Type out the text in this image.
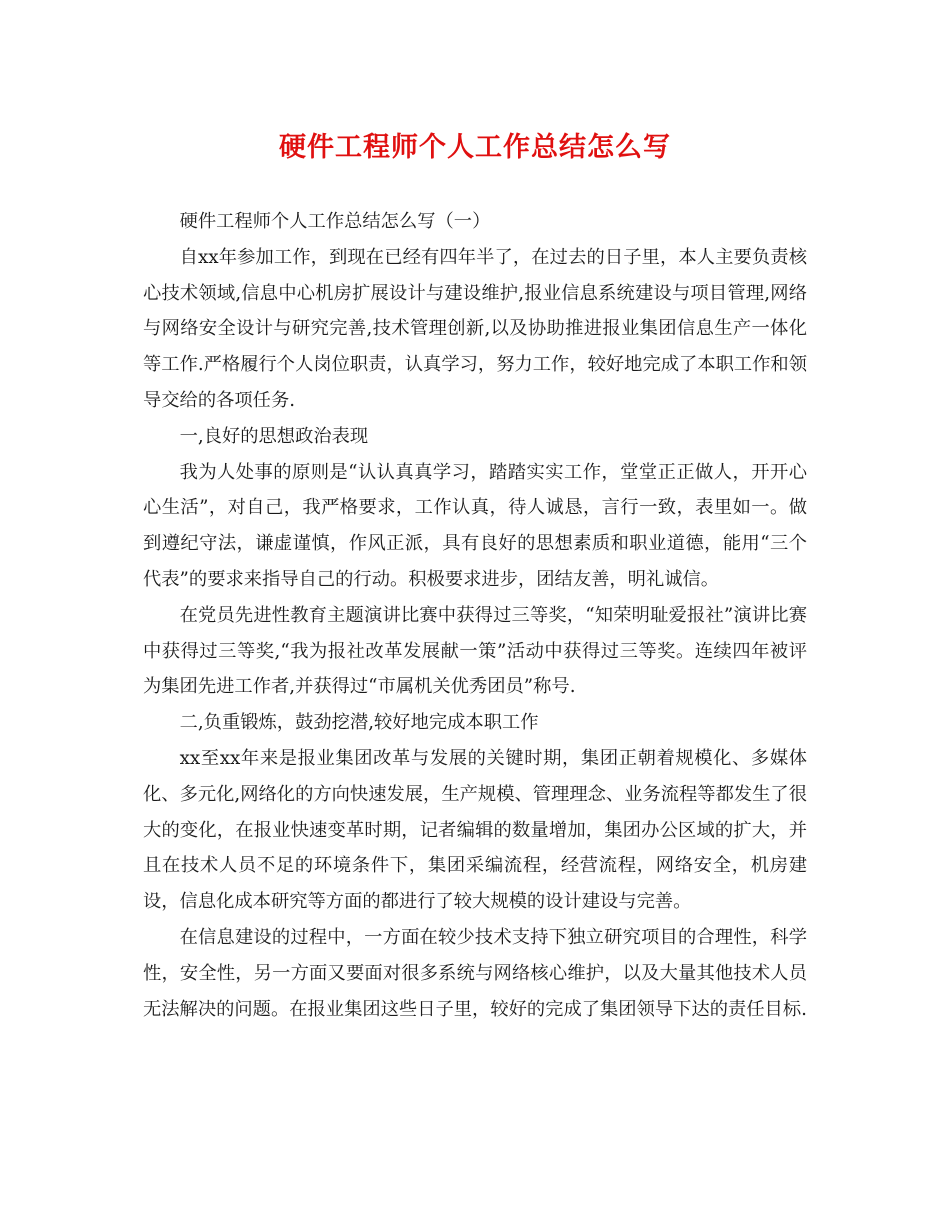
硬件工程师个人工作总结怎么写

硬件工程师个人工作总结怎么写（一）

自xx年参加工作，到现在已经有四年半了，在过去的日子里，本人主要负责核心技术领域,信息中心机房扩展设计与建设维护,报业信息系统建设与项目管理,网络与网络安全设计与研究完善,技术管理创新,以及协助推进报业集团信息生产一体化等工作.严格履行个人岗位职责，认真学习，努力工作，较好地完成了本职工作和领导交给的各项任务.

一,良好的思想政治表现

我为人处事的原则是“认认真真学习，踏踏实实工作，堂堂正正做人，开开心心生活”，对自己，我严格要求，工作认真，待人诚恳，言行一致，表里如一。做到遵纪守法，谦虚谨慎，作风正派，具有良好的思想素质和职业道德，能用“三个代表”的要求来指导自己的行动。积极要求进步，团结友善，明礼诚信。

在党员先进性教育主题演讲比赛中获得过三等奖，“知荣明耻爱报社”演讲比赛中获得过三等奖,“我为报社改革发展献一策”活动中获得过三等奖。连续四年被评为集团先进工作者,并获得过“市属机关优秀团员”称号.

二,负重锻炼，鼓劲挖潜,较好地完成本职工作

xx至xx年来是报业集团改革与发展的关键时期，集团正朝着规模化、多媒体化、多元化,网络化的方向快速发展，生产规模、管理理念、业务流程等都发生了很大的变化，在报业快速变革时期，记者编辑的数量增加，集团办公区域的扩大，并且在技术人员不足的环境条件下，集团采编流程，经营流程，网络安全，机房建设，信息化成本研究等方面的都进行了较大规模的设计建设与完善。

在信息建设的过程中，一方面在较少技术支持下独立研究项目的合理性，科学性，安全性，另一方面又要面对很多系统与网络核心维护，以及大量其他技术人员无法解决的问题。在报业集团这些日子里，较好的完成了集团领导下达的责任目标.
